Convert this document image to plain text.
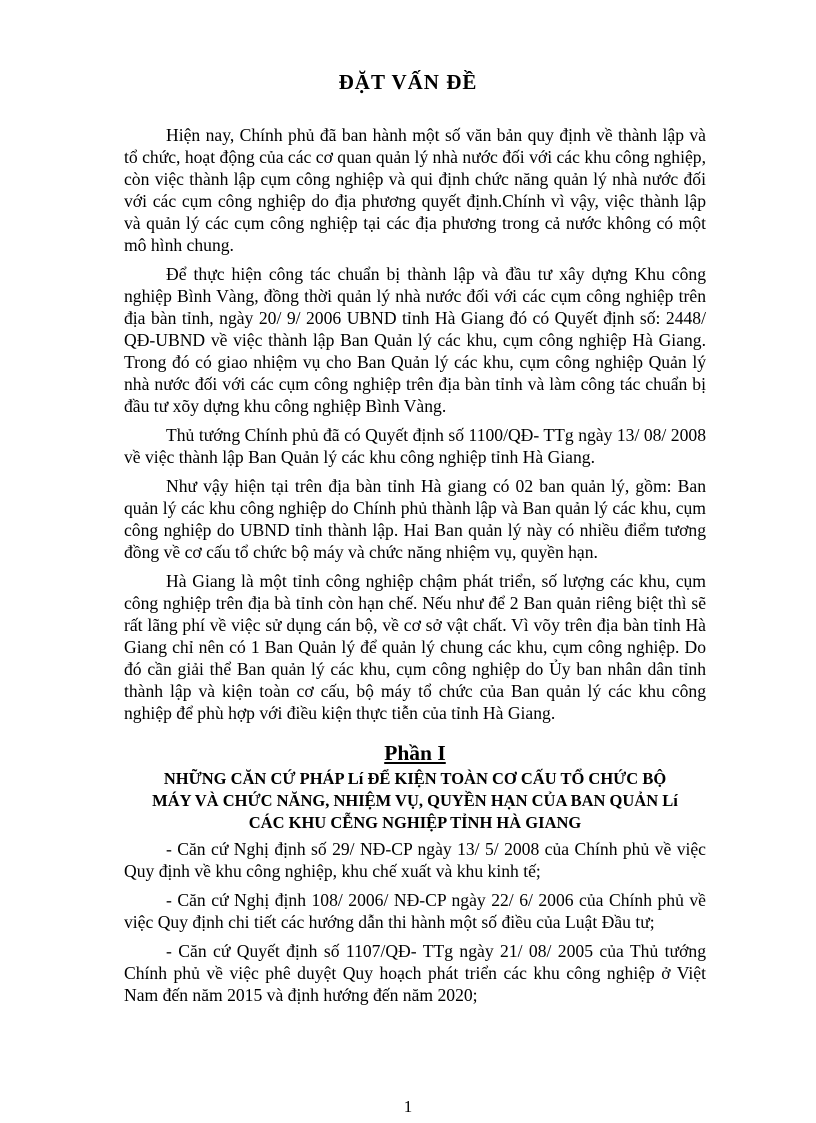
ĐẶT VẤN ĐỀ

Hiện nay, Chính phủ đã ban hành một số văn bản quy định về thành lập và tổ chức, hoạt động của các cơ quan quản lý nhà nước đối với các khu công nghiệp, còn việc thành lập cụm công nghiệp và qui định chức năng quản lý nhà nước đối với các cụm công nghiệp do địa phương quyết định.Chính vì vậy, việc thành lập và quản lý các cụm công nghiệp tại các địa phương trong cả nước không có một mô hình chung.

Để thực hiện công tác chuẩn bị thành lập và đầu tư xây dựng Khu công nghiệp Bình Vàng, đồng thời quản lý nhà nước đối với các cụm công nghiệp trên địa bàn tỉnh, ngày 20/ 9/ 2006 UBND tỉnh Hà Giang đó có Quyết định số: 2448/ QĐ-UBND về việc thành lập Ban Quản lý các khu, cụm công nghiệp Hà Giang. Trong đó có giao nhiệm vụ cho Ban Quản lý các khu, cụm công nghiệp Quản lý nhà nước đối với các cụm công nghiệp trên địa bàn tỉnh và làm công tác chuẩn bị đầu tư xõy dựng khu công nghiệp Bình Vàng.

Thủ tướng Chính phủ đã có Quyết định số 1100/QĐ- TTg ngày 13/ 08/ 2008 về việc thành lập Ban Quản lý các khu công nghiệp tỉnh Hà Giang.

Như vậy hiện tại trên địa bàn tỉnh Hà giang có 02 ban quản lý, gồm: Ban quản lý các khu công nghiệp do Chính phủ thành lập và Ban quản lý các khu, cụm công nghiệp do UBND tỉnh thành lập. Hai Ban quản lý này có nhiều điểm tương đồng về cơ cấu tổ chức bộ máy và chức năng nhiệm vụ, quyền hạn.

Hà Giang là một tỉnh công nghiệp chậm phát triển, số lượng các khu, cụm công nghiệp trên địa bà tỉnh còn hạn chế. Nếu như để 2 Ban quản riêng biệt thì sẽ rất lãng phí về việc sử dụng cán bộ, về cơ sở vật chất. Vì võy trên địa bàn tỉnh Hà Giang chỉ nên có 1 Ban Quản lý để quản lý chung các khu, cụm công nghiệp. Do đó cần giải thể Ban quản lý các khu, cụm công nghiệp do Ủy ban nhân dân tỉnh thành lập và kiện toàn cơ cấu, bộ máy tổ chức của Ban quản lý các khu công nghiệp để phù hợp với điều kiện thực tiễn của tỉnh Hà Giang.

Phần I
NHỮNG CĂN CỨ PHÁP Lí ĐỂ KIỆN TOÀN CƠ CẤU TỔ CHỨC BỘ
MÁY VÀ CHỨC NĂNG, NHIỆM VỤ, QUYỀN HẠN CỦA BAN QUẢN Lí
CÁC KHU CỄNG NGHIỆP TỈNH HÀ GIANG

- Căn cứ Nghị định số 29/ NĐ-CP ngày 13/ 5/ 2008 của Chính phủ về việc Quy định về khu công nghiệp, khu chế xuất và khu kinh tế;

- Căn cứ Nghị định 108/ 2006/ NĐ-CP ngày 22/ 6/ 2006 của Chính phủ về việc Quy định chi tiết các hướng dẫn thi hành một số điều của Luật Đầu tư;

- Căn cứ Quyết định số 1107/QĐ- TTg ngày 21/ 08/ 2005 của Thủ tướng Chính phủ về việc phê duyệt Quy hoạch phát triển các khu công nghiệp ở Việt Nam đến năm 2015 và định hướng đến năm 2020;

1
